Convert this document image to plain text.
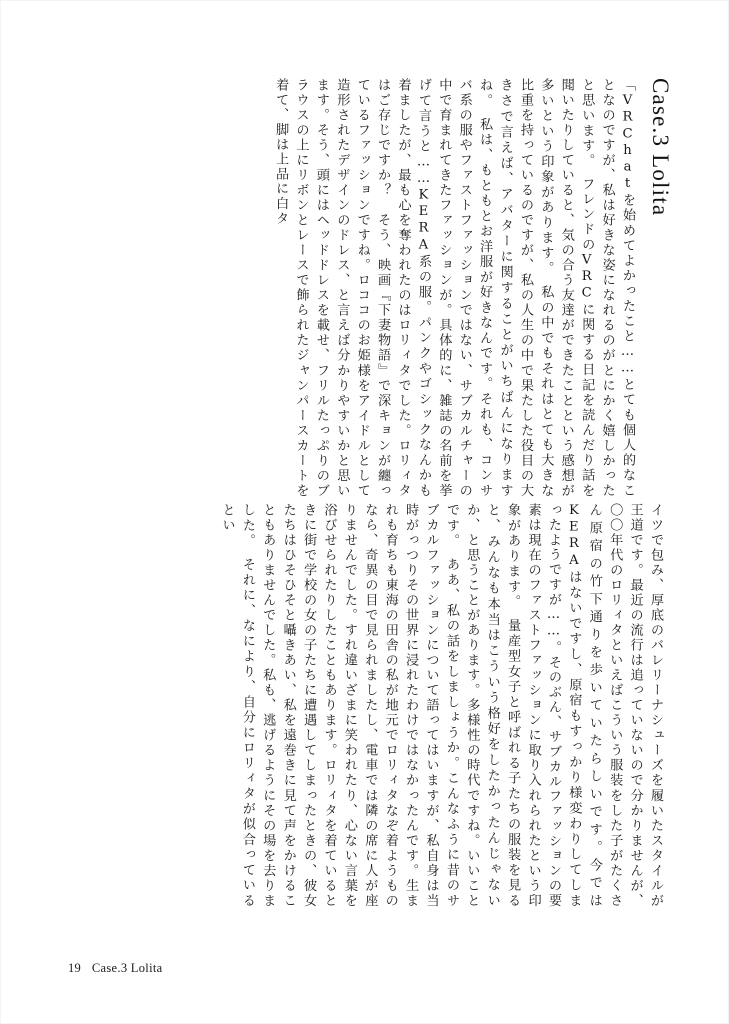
Case.3 Lolita
「VRChatを始めてよかったこと……とても個人的なことなのですが、私は好きな姿になれるのがとにかく嬉しかったと思います。　フレンドのVRCに関する日記を読んだり話を聞いたりしていると、気の合う友達ができたことという感想が多いという印象があります。　私の中でもそれはとても大きな比重を持っているのですが、私の人生の中で果たした役目の大きさで言えば、アバターに関することがいちばんになりますね。　私は、もともとお洋服が好きなんです。それも、コンサバ系の服やファストファッションではない、サブカルチャーの中で育まれてきたファッションが。具体的に、雑誌の名前を挙げて言うと……KERA系の服。パンクやゴシックなんかも着ましたが、最も心を奪われたのはロリィタでした。ロリィタはご存じですか？　そう、映画『下妻物語』で深キョンが纏っているファッションですね。ロココのお姫様をアイドルとして造形されたデザインのドレス、と言えば分かりやすいかと思います。そう、頭にはヘッドドレスを載せ、フリルたっぷりのブラウスの上にリボンとレースで飾られたジャンパースカートを着て、脚は上品に白タ
イツで包み、厚底のバレリーナシューズを履いたスタイルが王道です。最近の流行は追っていないので分かりませんが、〇〇年代のロリィタといえばこういう服装をした子がたくさん原宿の竹下通りを歩いていたらしいです。今ではKERAはないですし、原宿もすっかり様変わりしてしまったようですが……。そのぶん、サブカルファッションの要素は現在のファストファッションに取り入れられたという印象があります。　量産型女子と呼ばれる子たちの服装を見ると、みんなも本当はこういう格好をしたかったんじゃないか、と思うことがあります。多様性の時代ですね。いいことです。　ああ、私の話をしましょうか。こんなふうに昔のサブカルファッションについて語ってはいますが、私自身は当時がっつりその世界に浸れたわけではなかったんです。生まれも育ちも東海の田舎の私が地元でロリィタなぞ着ようものなら、奇異の目で見られましたし、電車では隣の席に人が座りませんでした。すれ違いざまに笑われたり、心ない言葉を浴びせられたりしたこともあります。ロリィタを着ているときに街で学校の女の子たちに遭遇してしまったときの、彼女たちはひそひそと囁きあい、私を遠巻きに見て声をかけることもありませんでした。私も、逃げるようにその場を去りました。　それに、なにより、自分にロリィタが似合っているとい
19 Case.3 Lolita
